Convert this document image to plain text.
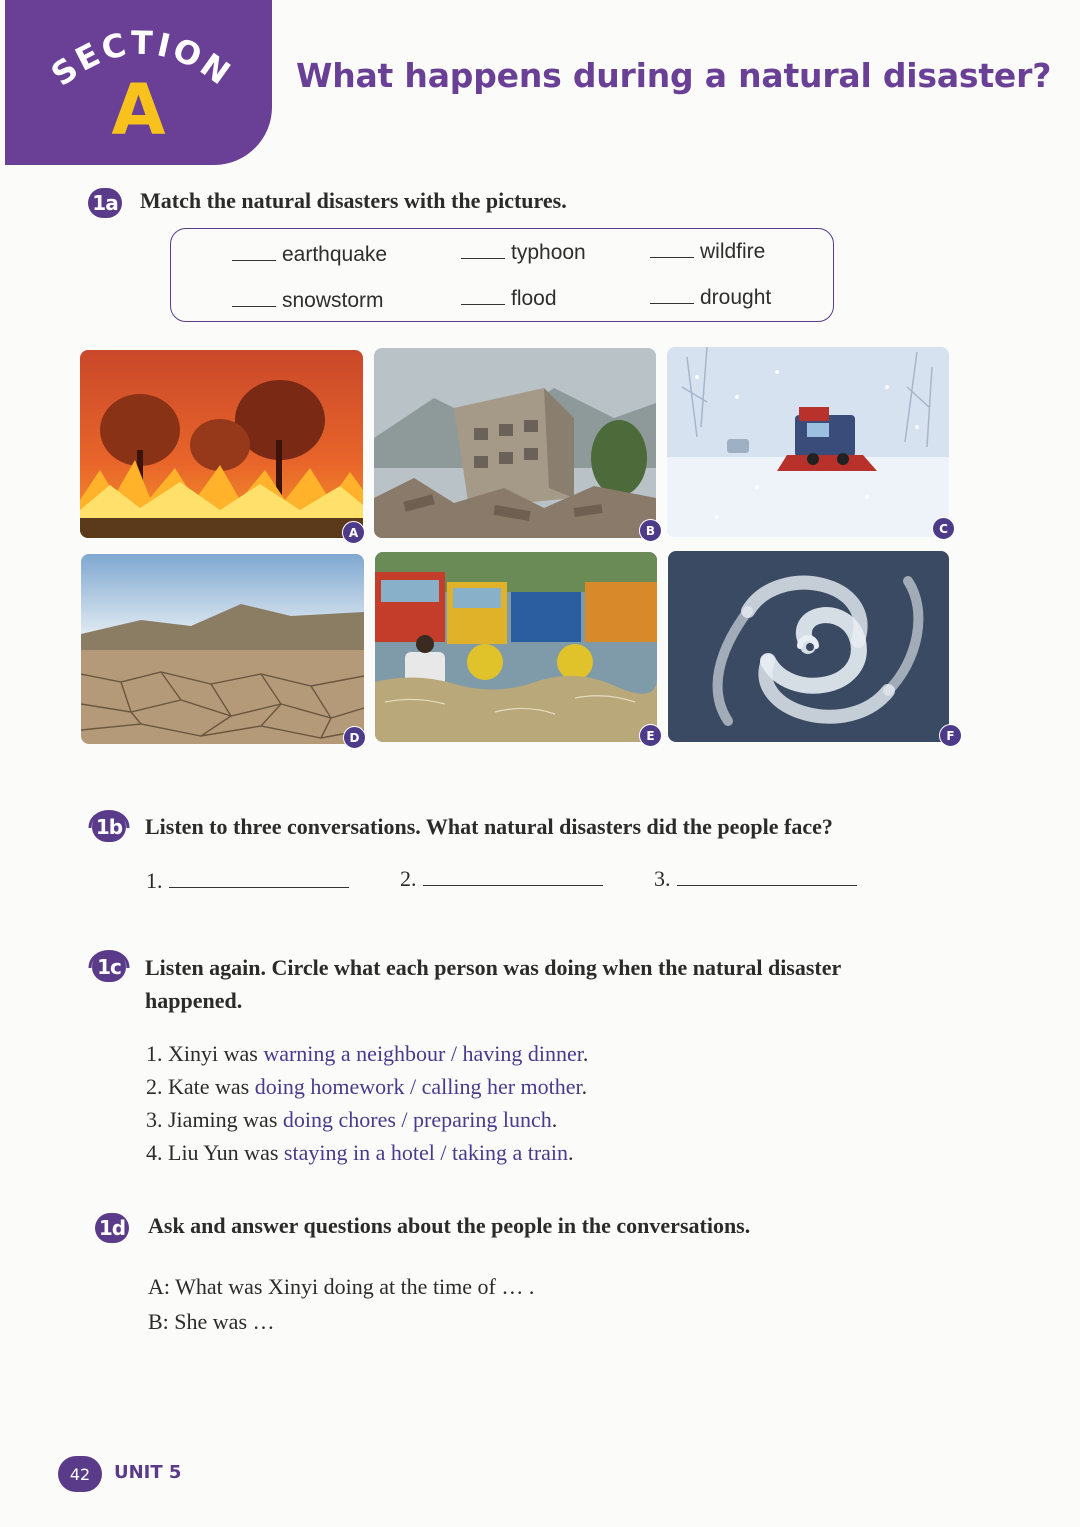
SECTION
A	What happens during a natural disaster?
1a Match the natural disasters with the pictures.
earthquake	typhoon	wildfire
snowstorm	flood	drought
A	B	C
D	E	F
1b Listen to three conversations. What natural disasters did the people face?
1.	2.	3.
1c Listen again. Circle what each person was doing when the natural disaster
happened.
1. Xinyi was warning a neighbour / having dinner.
2. Kate was doing homework / calling her mother.
3. Jiaming was doing chores / preparing lunch.
4. Liu Yun was staying in a hotel / taking a train.
1d Ask and answer questions about the people in the conversations.
A: What was Xinyi doing at the time of … .
B: She was …
42	UNIT 5
